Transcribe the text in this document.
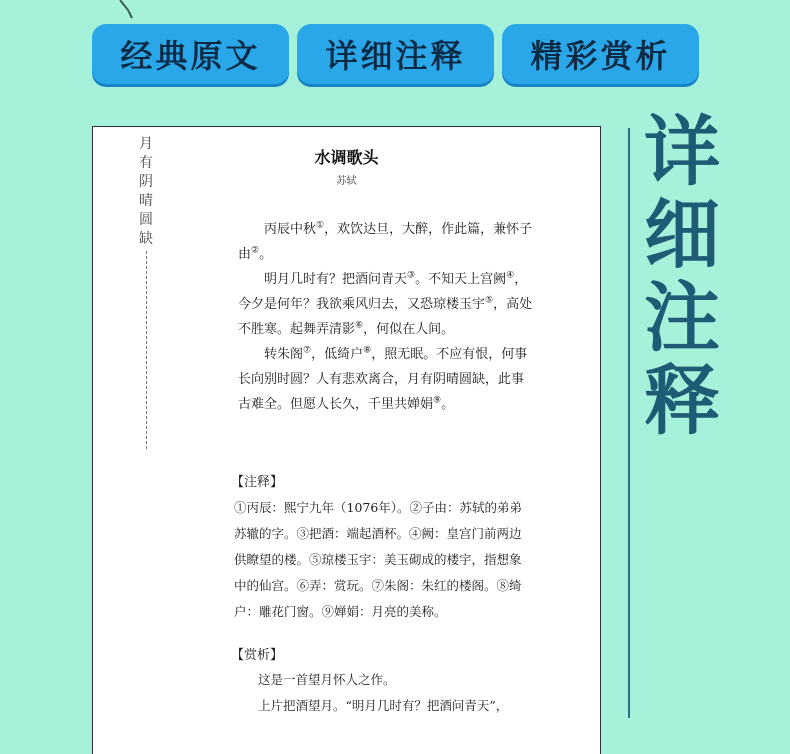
经典原文	详细注释	精彩赏析
月
有
阴
晴
圆
缺
水调歌头
苏轼

丙辰中秋①，欢饮达旦，大醉，作此篇，兼怀子由②。

明月几时有？把酒问青天③。不知天上宫阙④，今夕是何年？我欲乘风归去，又恐琼楼玉宇⑤，高处不胜寒。起舞弄清影⑥，何似在人间。

转朱阁⑦，低绮户⑧，照无眠。不应有恨，何事长向别时圆？人有悲欢离合，月有阴晴圆缺，此事古难全。但愿人长久，千里共婵娟⑨。

【注释】
①丙辰：熙宁九年（1076年）。②子由：苏轼的弟弟苏辙的字。③把酒：端起酒杯。④阙：皇宫门前两边供瞭望的楼。⑤琼楼玉宇：美玉砌成的楼宇，指想象中的仙宫。⑥弄：赏玩。⑦朱阁：朱红的楼阁。⑧绮户：雕花门窗。⑨婵娟：月亮的美称。
【赏析】

这是一首望月怀人之作。

上片把酒望月。“明月几时有？把酒问青天”，

详
细
注
释
